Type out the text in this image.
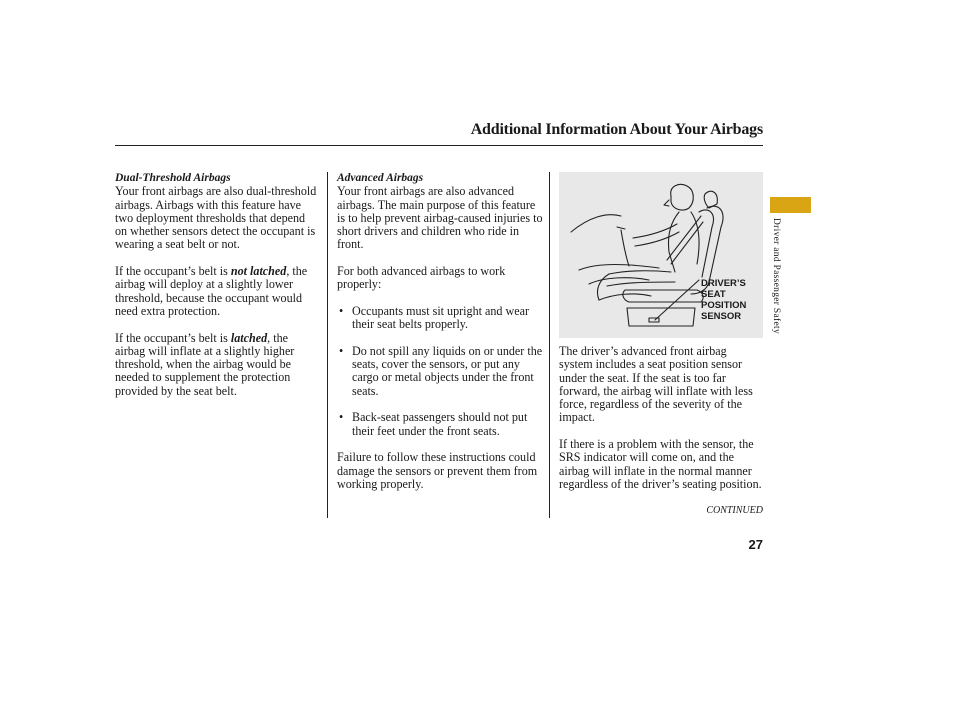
Additional Information About Your Airbags
Dual-Threshold Airbags

Your front airbags are also dual-threshold airbags. Airbags with this feature have two deployment thresholds that depend on whether sensors detect the occupant is wearing a seat belt or not.

If the occupant’s belt is not latched, the airbag will deploy at a slightly lower threshold, because the occupant would need extra protection.

If the occupant’s belt is latched, the airbag will inflate at a slightly higher threshold, when the airbag would be needed to supplement the protection provided by the seat belt.

Advanced Airbags

Your front airbags are also advanced airbags. The main purpose of this feature is to help prevent airbag-caused injuries to short drivers and children who ride in front.

For both advanced airbags to work properly:

• Occupants must sit upright and wear their seat belts properly.
• Do not spill any liquids on or under the seats, cover the sensors, or put any cargo or metal objects under the front seats.
• Back-seat passengers should not put their feet under the front seats.

Failure to follow these instructions could damage the sensors or prevent them from working properly.

DRIVER’S
SEAT
POSITION
SENSOR

The driver’s advanced front airbag system includes a seat position sensor under the seat. If the seat is too far forward, the airbag will inflate with less force, regardless of the severity of the impact.

If there is a problem with the sensor, the SRS indicator will come on, and the airbag will inflate in the normal manner regardless of the driver’s seating position.

CONTINUED
27
Driver and Passenger Safety
